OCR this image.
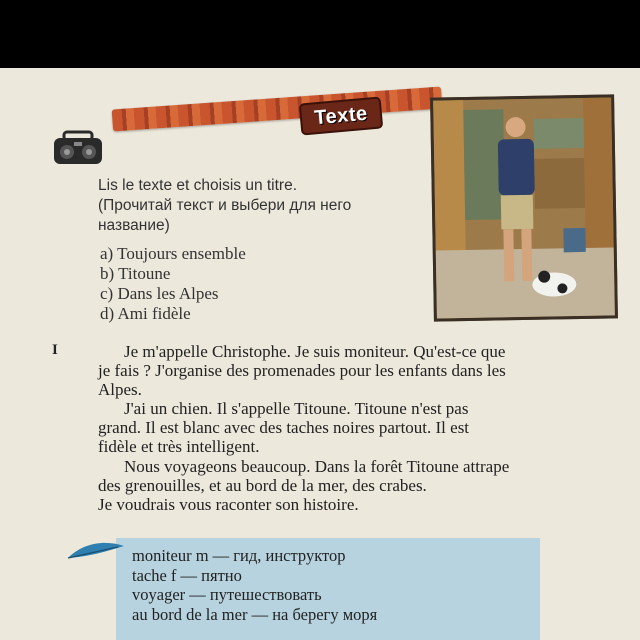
Texte
Lis le texte et choisis un titre.
(Прочитай текст и выбери для него
название)
a) Toujours ensemble
b) Titoune
c) Dans les Alpes
d) Ami fidèle
I	Je m'appelle Christophe. Je suis moniteur. Qu'est-ce que
je fais ? J'organise des promenades pour les enfants dans les
Alpes.
J'ai un chien. Il s'appelle Titoune. Titoune n'est pas
grand. Il est blanc avec des taches noires partout. Il est
fidèle et très intelligent.
Nous voyageons beaucoup. Dans la forêt Titoune attrape
des grenouilles, et au bord de la mer, des crabes.
Je voudrais vous raconter son histoire.
moniteur m — гид, инструктор
tache f — пятно
voyager — путешествовать
au bord de la mer — на берегу моря
